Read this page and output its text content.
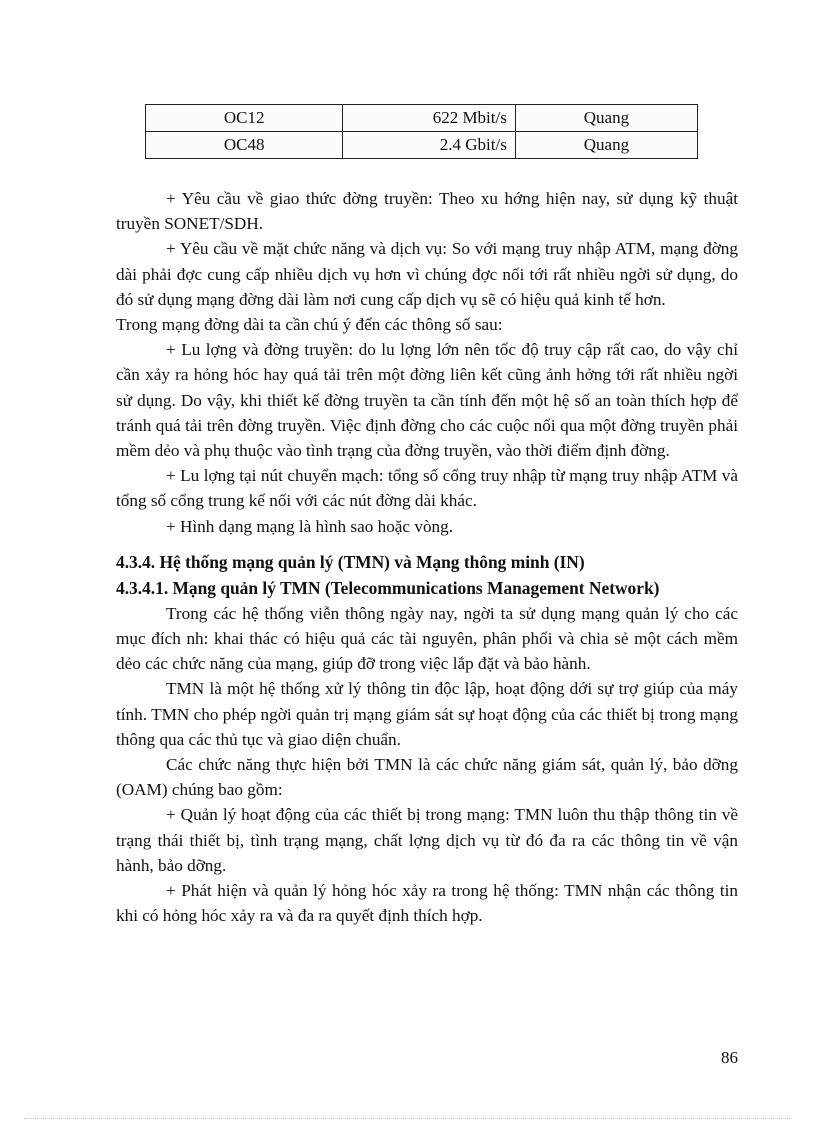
OC12	622 Mbit/s	Quang
OC48	2.4 Gbit/s	Quang

+ Yêu cầu về giao thức đờng truyền: Theo xu hớng hiện nay, sử dụng kỹ thuật truyền SONET/SDH.

+ Yêu cầu về mặt chức năng và dịch vụ: So với mạng truy nhập ATM, mạng đờng dài phải đợc cung cấp nhiều dịch vụ hơn vì chúng đợc nối tới rất nhiều ngời sử dụng, do đó sử dụng mạng đờng dài làm nơi cung cấp dịch vụ sẽ có hiệu quả kinh tế hơn.

Trong mạng đờng dài ta cần chú ý đến các thông số sau:

+ Lu lợng và đờng truyền: do lu lợng lớn nên tốc độ truy cập rất cao, do vậy chỉ cần xảy ra hỏng hóc hay quá tải trên một đờng liên kết cũng ảnh hởng tới rất nhiều ngời sử dụng. Do vậy, khi thiết kế đờng truyền ta cần tính đến một hệ số an toàn thích hợp để tránh quá tải trên đờng truyền. Việc định đờng cho các cuộc nối qua một đờng truyền phải mềm dẻo và phụ thuộc vào tình trạng của đờng truyền, vào thời điểm định đờng.

+ Lu lợng tại nút chuyển mạch: tổng số cổng truy nhập từ mạng truy nhập ATM và tổng số cổng trung kế nối với các nút đờng dài khác.

+ Hình dạng mạng là hình sao hoặc vòng.

4.3.4. Hệ thống mạng quản lý (TMN) và Mạng thông minh (IN)
4.3.4.1. Mạng quản lý TMN (Telecommunications Management Network)

Trong các hệ thống viễn thông ngày nay, ngời ta sử dụng mạng quản lý cho các mục đích nh: khai thác có hiệu quả các tài nguyên, phân phối và chia sẻ một cách mềm dẻo các chức năng của mạng, giúp đỡ trong việc lắp đặt và bảo hành.

TMN là một hệ thống xử lý thông tin độc lập, hoạt động dới sự trợ giúp của máy tính. TMN cho phép ngời quản trị mạng giám sát sự hoạt động của các thiết bị trong mạng thông qua các thủ tục và giao diện chuẩn.

Các chức năng thực hiện bởi TMN là các chức năng giám sát, quản lý, bảo dỡng (OAM) chúng bao gồm:

+ Quản lý hoạt động của các thiết bị trong mạng: TMN luôn thu thập thông tin về trạng thái thiết bị, tình trạng mạng, chất lợng dịch vụ từ đó đa ra các thông tin về vận hành, bảo dỡng.

+ Phát hiện và quản lý hỏng hóc xảy ra trong hệ thống: TMN nhận các thông tin khi có hỏng hóc xảy ra và đa ra quyết định thích hợp.

86
